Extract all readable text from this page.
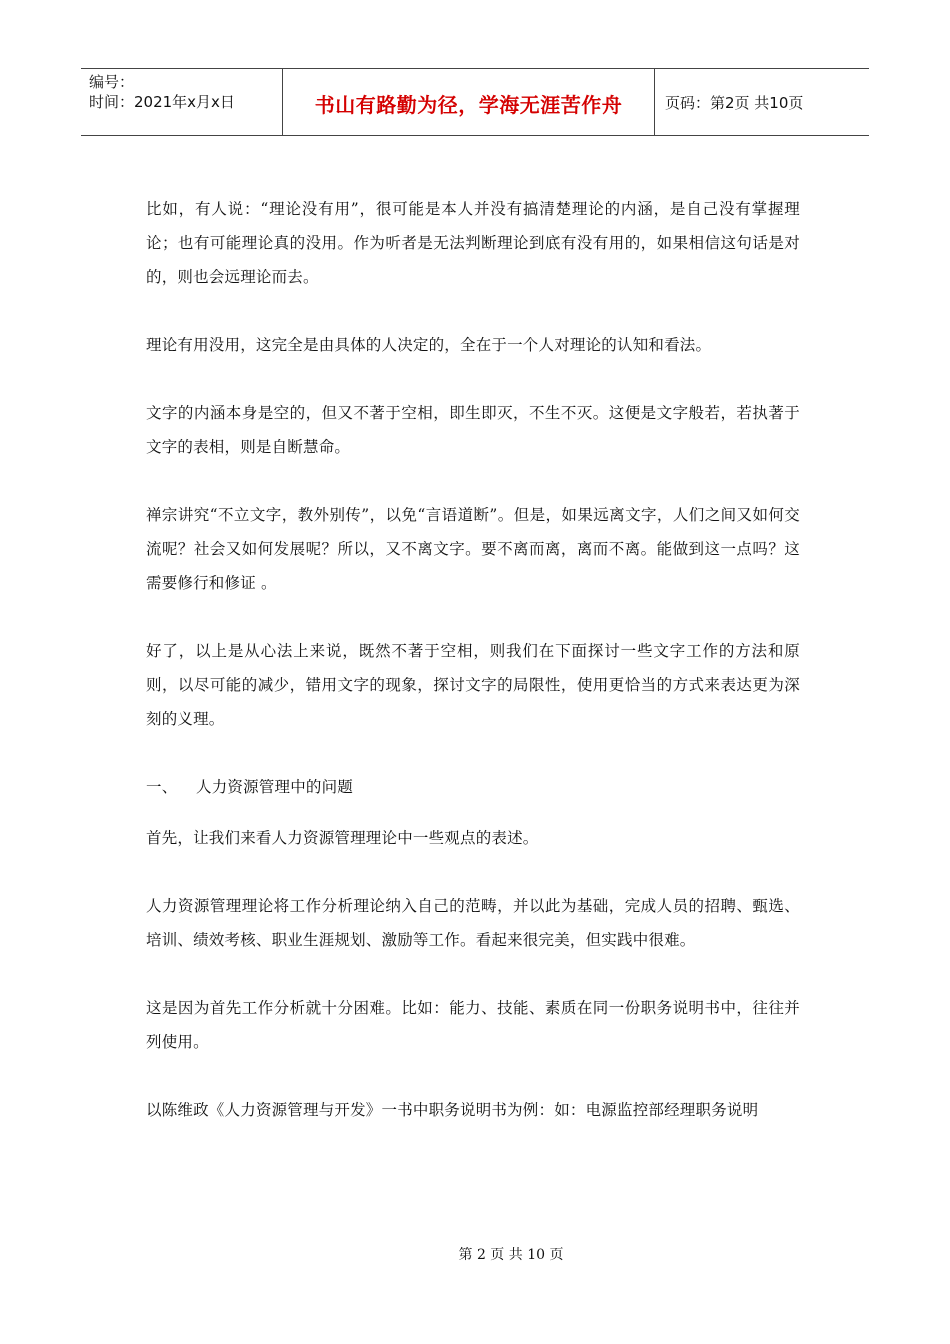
编号：
时间：2021年x月x日	书山有路勤为径，学海无涯苦作舟	页码：第2页 共10页

比如，有人说：“理论没有用”，很可能是本人并没有搞清楚理论的内涵，是自己没有掌握理论；也有可能理论真的没用。作为听者是无法判断理论到底有没有用的，如果相信这句话是对的，则也会远理论而去。

理论有用没用，这完全是由具体的人决定的，全在于一个人对理论的认知和看法。

文字的内涵本身是空的，但又不著于空相，即生即灭，不生不灭。这便是文字般若，若执著于文字的表相，则是自断慧命。

禅宗讲究“不立文字，教外别传”，以免“言语道断”。但是，如果远离文字，人们之间又如何交流呢？社会又如何发展呢？所以，又不离文字。要不离而离，离而不离。能做到这一点吗？这需要修行和修证 。

好了，以上是从心法上来说，既然不著于空相，则我们在下面探讨一些文字工作的方法和原则，以尽可能的减少，错用文字的现象，探讨文字的局限性，使用更恰当的方式来表达更为深刻的义理。

一、	人力资源管理中的问题

首先，让我们来看人力资源管理理论中一些观点的表述。

人力资源管理理论将工作分析理论纳入自己的范畴，并以此为基础，完成人员的招聘、甄选、培训、绩效考核、职业生涯规划、激励等工作。看起来很完美，但实践中很难。

这是因为首先工作分析就十分困难。比如：能力、技能、素质在同一份职务说明书中，往往并列使用。

以陈维政《人力资源管理与开发》一书中职务说明书为例：如：电源监控部经理职务说明

第 2 页 共 10 页
